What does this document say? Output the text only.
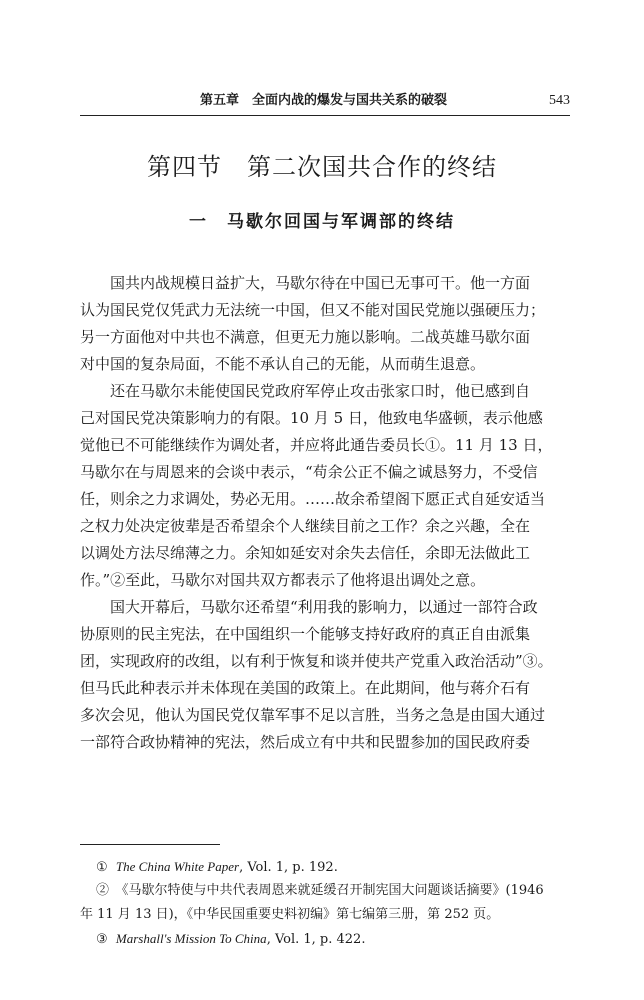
第五章　全面内战的爆发与国共关系的破裂	543
第四节　第二次国共合作的终结
一　马歇尔回国与军调部的终结
国共内战规模日益扩大，马歇尔待在中国已无事可干。他一方面
认为国民党仅凭武力无法统一中国，但又不能对国民党施以强硬压力；
另一方面他对中共也不满意，但更无力施以影响。二战英雄马歇尔面
对中国的复杂局面，不能不承认自己的无能，从而萌生退意。
还在马歇尔未能使国民党政府军停止攻击张家口时，他已感到自
己对国民党决策影响力的有限。10 月 5 日，他致电华盛顿，表示他感
觉他已不可能继续作为调处者，并应将此通告委员长①。11 月 13 日，
马歇尔在与周恩来的会谈中表示，“苟余公正不偏之诚恳努力，不受信
任，则余之力求调处，势必无用。……故余希望阁下愿正式自延安适当
之权力处决定彼辈是否希望余个人继续目前之工作？余之兴趣，全在
以调处方法尽绵薄之力。余知如延安对余失去信任，余即无法做此工
作。”②至此，马歇尔对国共双方都表示了他将退出调处之意。
国大开幕后，马歇尔还希望“利用我的影响力，以通过一部符合政
协原则的民主宪法，在中国组织一个能够支持好政府的真正自由派集
团，实现政府的改组，以有利于恢复和谈并使共产党重入政治活动”③。
但马氏此种表示并未体现在美国的政策上。在此期间，他与蒋介石有
多次会见，他认为国民党仅靠军事不足以言胜，当务之急是由国大通过
一部符合政协精神的宪法，然后成立有中共和民盟参加的国民政府委
① The China White Paper, Vol. 1, p. 192.
②　《马歇尔特使与中共代表周恩来就延缓召开制宪国大问题谈话摘要》(1946
年 11 月 13 日)，《中华民国重要史料初编》第七编第三册，第 252 页。
③ Marshall's Mission To China, Vol. 1, p. 422.
